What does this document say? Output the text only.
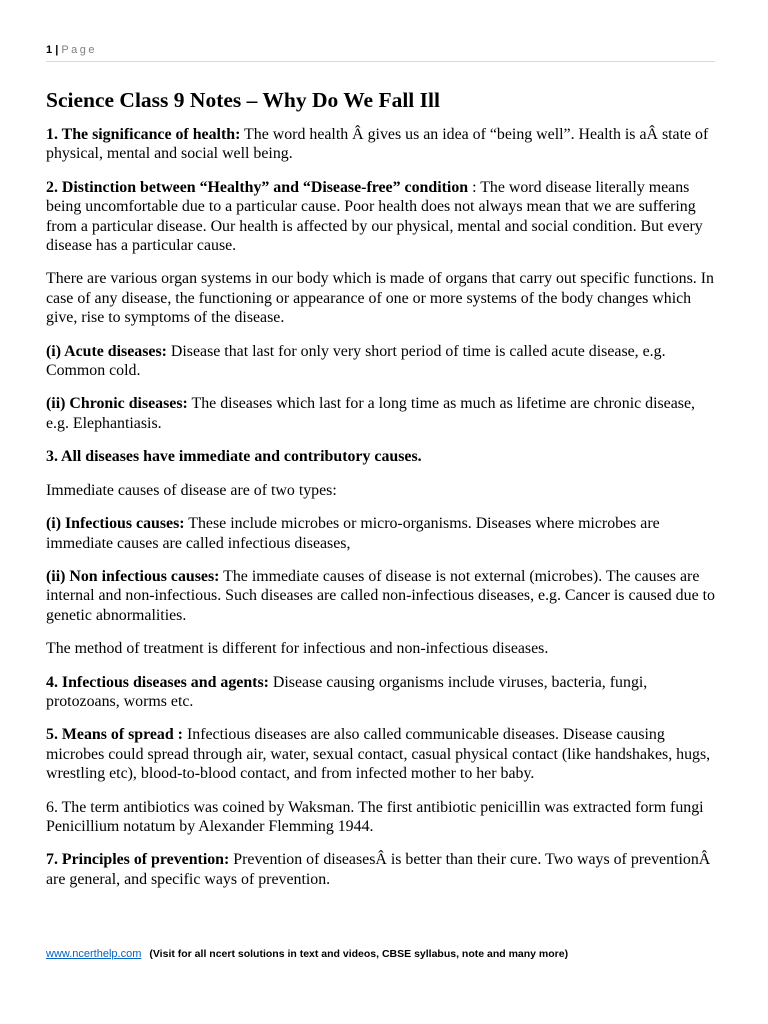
1 | Page
Science Class 9 Notes – Why Do We Fall Ill

1. The significance of health: The word health Â gives us an idea of “being well”. Health is aÂ state of physical, mental and social well being.

2. Distinction between “Healthy” and “Disease-free” condition : The word disease literally means being uncomfortable due to a particular cause. Poor health does not always mean that we are suffering from a particular disease. Our health is affected by our physical, mental and social condition. But every disease has a particular cause.

There are various organ systems in our body which is made of organs that carry out specific functions. In case of any disease, the functioning or appearance of one or more systems of the body changes which give, rise to symptoms of the disease.

(i) Acute diseases: Disease that last for only very short period of time is called acute disease, e.g. Common cold.

(ii) Chronic diseases: The diseases which last for a long time as much as lifetime are chronic disease, e.g. Elephantiasis.

3. All diseases have immediate and contributory causes.

Immediate causes of disease are of two types:

(i) Infectious causes: These include microbes or micro-organisms. Diseases where microbes are immediate causes are called infectious diseases,

(ii) Non infectious causes: The immediate causes of disease is not external (microbes). The causes are internal and non-infectious. Such diseases are called non-infectious diseases, e.g. Cancer is caused due to genetic abnormalities.

The method of treatment is different for infectious and non-infectious diseases.

4. Infectious diseases and agents: Disease causing organisms include viruses, bacteria, fungi, protozoans, worms etc.

5. Means of spread : Infectious diseases are also called communicable diseases. Disease causing microbes could spread through air, water, sexual contact, casual physical contact (like handshakes, hugs, wrestling etc), blood-to-blood contact, and from infected mother to her baby.

6. The term antibiotics was coined by Waksman. The first antibiotic penicillin was extracted form fungi Penicillium notatum by Alexander Flemming 1944.

7. Principles of prevention: Prevention of diseasesÂ is better than their cure. Two ways of preventionÂ are general, and specific ways of prevention.

www.ncerthelp.com (Visit for all ncert solutions in text and videos, CBSE syllabus, note and many more)
